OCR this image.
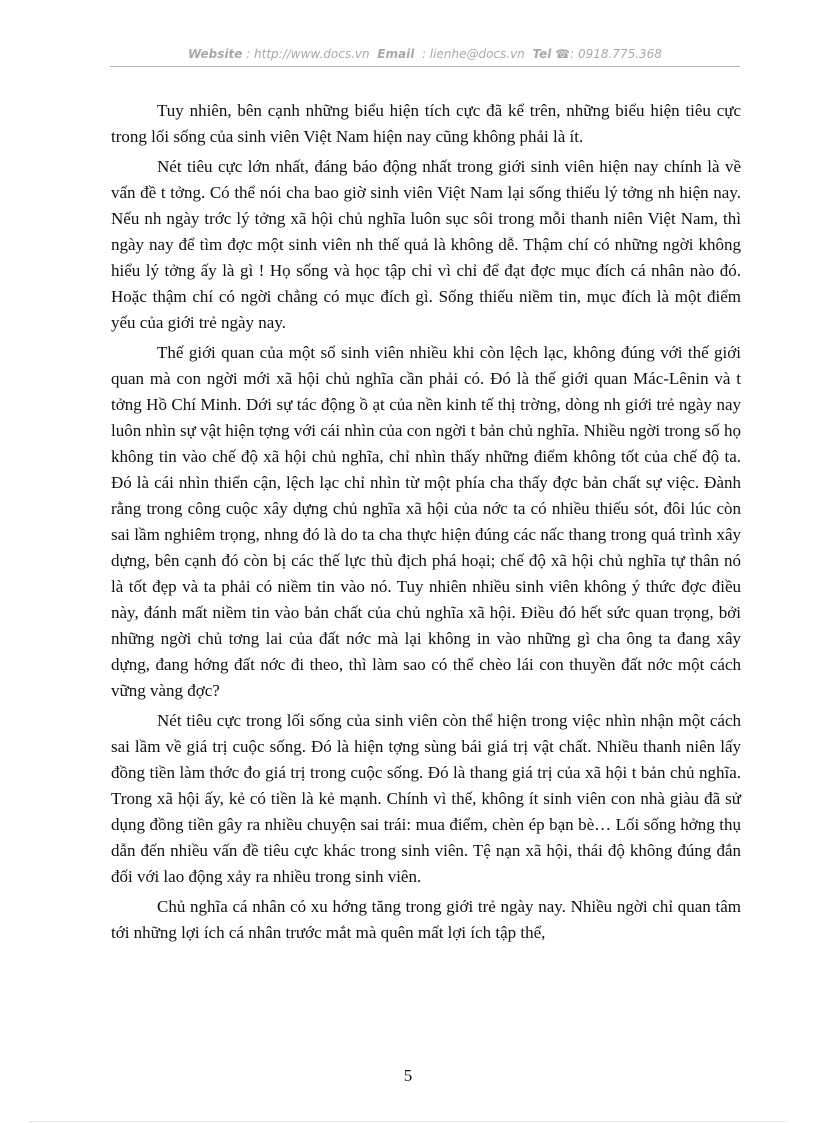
Website : http://www.docs.vn Email : lienhe@docs.vn Tel ☎: 0918.775.368

Tuy nhiên, bên cạnh những biểu hiện tích cực đã kể trên, những biểu hiện tiêu cực trong lối sống của sinh viên Việt Nam hiện nay cũng không phải là ít.

Nét tiêu cực lớn nhất, đáng báo động nhất trong giới sinh viên hiện nay chính là về vấn đề t tởng. Có thể nói cha bao giờ sinh viên Việt Nam lại sống thiếu lý tởng nh hiện nay. Nếu nh ngày trớc lý tởng xã hội chủ nghĩa luôn sục sôi trong mỗi thanh niên Việt Nam, thì ngày nay để tìm đợc một sinh viên nh thế quả là không dễ. Thậm chí có những ngời không hiểu lý tởng ấy là gì ! Họ sống và học tập chỉ vì chỉ để đạt đợc mục đích cá nhân nào đó. Hoặc thậm chí có ngời chẳng có mục đích gì. Sống thiếu niềm tin, mục đích là một điểm yếu của giới trẻ ngày nay.

Thế giới quan của một số sinh viên nhiều khi còn lệch lạc, không đúng với thế giới quan mà con ngời mới xã hội chủ nghĩa cần phải có. Đó là thế giới quan Mác-Lênin và t tởng Hồ Chí Minh. Dới sự tác động ồ ạt của nền kinh tế thị trờng, dòng nh giới trẻ ngày nay luôn nhìn sự vật hiện tợng với cái nhìn của con ngời t bản chủ nghĩa. Nhiều ngời trong số họ không tin vào chế độ xã hội chủ nghĩa, chỉ nhìn thấy những điểm không tốt của chế độ ta. Đó là cái nhìn thiển cận, lệch lạc chỉ nhìn từ một phía cha thấy đợc bản chất sự việc. Đành rằng trong công cuộc xây dựng chủ nghĩa xã hội của nớc ta có nhiều thiếu sót, đôi lúc còn sai lầm nghiêm trọng, nhng đó là do ta cha thực hiện đúng các nấc thang trong quá trình xây dựng, bên cạnh đó còn bị các thế lực thù địch phá hoại; chế độ xã hội chủ nghĩa tự thân nó là tốt đẹp và ta phải có niềm tin vào nó. Tuy nhiên nhiều sinh viên không ý thức đợc điều này, đánh mất niềm tin vào bản chất của chủ nghĩa xã hội. Điều đó hết sức quan trọng, bởi những ngời chủ tơng lai của đất nớc mà lại không in vào những gì cha ông ta đang xây dựng, đang hớng đất nớc đi theo, thì làm sao có thể chèo lái con thuyền đất nớc một cách vững vàng đợc?

Nét tiêu cực trong lối sống của sinh viên còn thể hiện trong việc nhìn nhận một cách sai lầm về giá trị cuộc sống. Đó là hiện tợng sùng bái giá trị vật chất. Nhiều thanh niên lấy đồng tiền làm thớc đo giá trị trong cuộc sống. Đó là thang giá trị của xã hội t bản chủ nghĩa. Trong xã hội ấy, kẻ có tiền là kẻ mạnh. Chính vì thế, không ít sinh viên con nhà giàu đã sử dụng đồng tiền gây ra nhiều chuyện sai trái: mua điểm, chèn ép bạn bè… Lối sống hởng thụ dẫn đến nhiều vấn đề tiêu cực khác trong sinh viên. Tệ nạn xã hội, thái độ không đúng đắn đối với lao động xảy ra nhiều trong sinh viên.

Chủ nghĩa cá nhân có xu hớng tăng trong giới trẻ ngày nay. Nhiều ngời chỉ quan tâm tới những lợi ích cá nhân trước mắt mà quên mất lợi ích tập thể,

5
